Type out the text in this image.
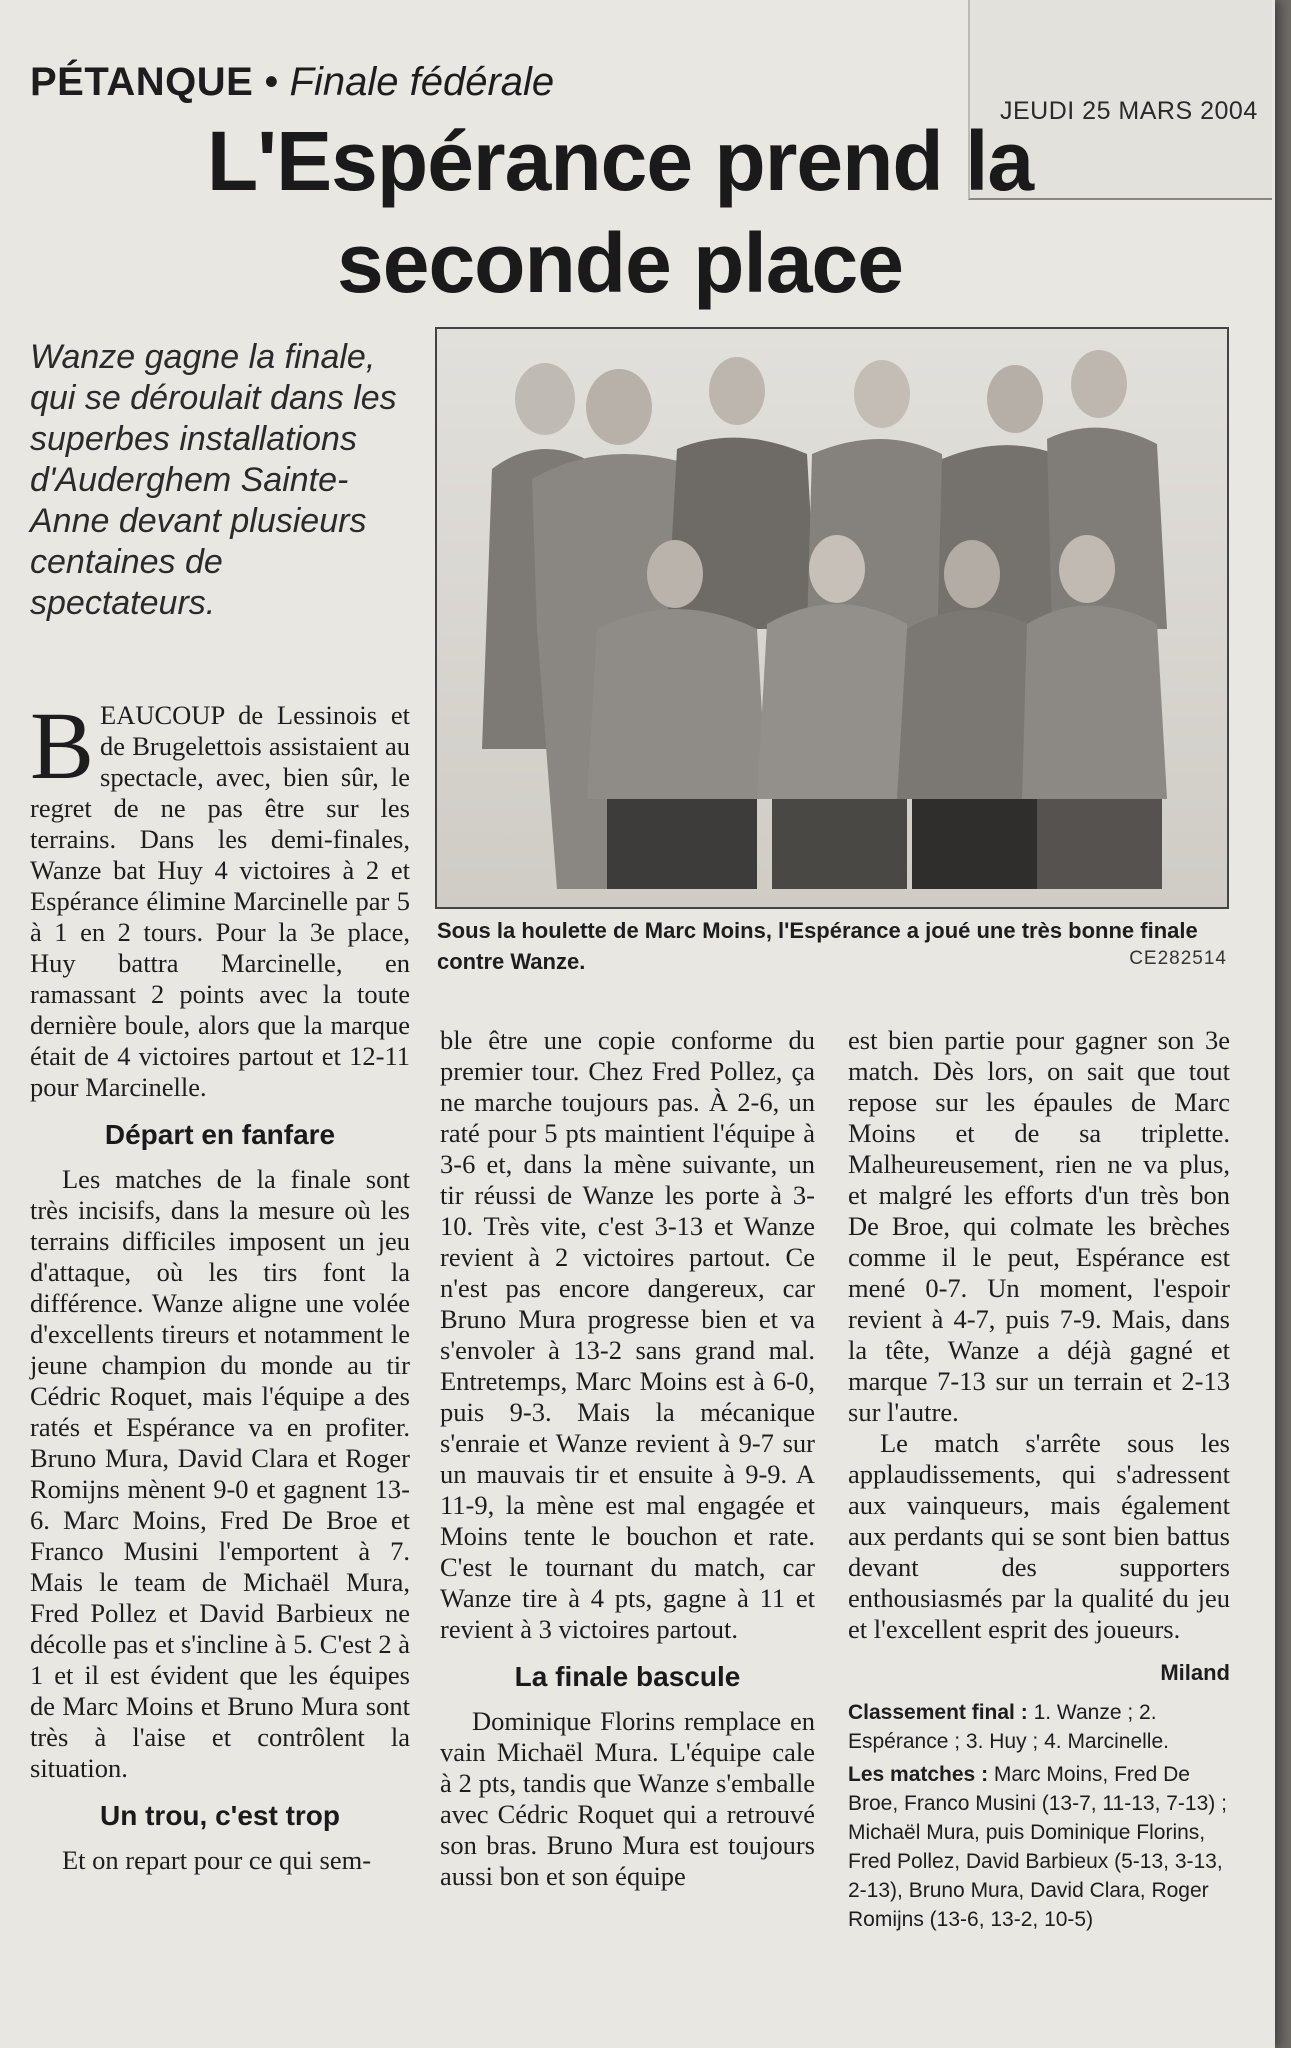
PÉTANQUE • Finale fédérale
JEUDI 25 MARS 2004
L'Espérance prend la seconde place
Wanze gagne la finale, qui se déroulait dans les superbes installations d'Auderghem Sainte-Anne devant plusieurs centaines de spectateurs.
Sous la houlette de Marc Moins, l'Espérance a joué une très bonne finale contre Wanze.	CE282514

BEAUCOUP de Lessinois et de Brugelettois assistaient au spectacle, avec, bien sûr, le regret de ne pas être sur les terrains. Dans les demi-finales, Wanze bat Huy 4 victoires à 2 et Espérance élimine Marcinelle par 5 à 1 en 2 tours. Pour la 3e place, Huy battra Marcinelle, en ramassant 2 points avec la toute dernière boule, alors que la marque était de 4 victoires partout et 12-11 pour Marcinelle.

Départ en fanfare

Les matches de la finale sont très incisifs, dans la mesure où les terrains difficiles imposent un jeu d'attaque, où les tirs font la différence. Wanze aligne une volée d'excellents tireurs et notamment le jeune champion du monde au tir Cédric Roquet, mais l'équipe a des ratés et Espérance va en profiter. Bruno Mura, David Clara et Roger Romijns mènent 9-0 et gagnent 13-6. Marc Moins, Fred De Broe et Franco Musini l'emportent à 7. Mais le team de Michaël Mura, Fred Pollez et David Barbieux ne décolle pas et s'incline à 5. C'est 2 à 1 et il est évident que les équipes de Marc Moins et Bruno Mura sont très à l'aise et contrôlent la situation.

Un trou, c'est trop

Et on repart pour ce qui sem-

ble être une copie conforme du premier tour. Chez Fred Pollez, ça ne marche toujours pas. À 2-6, un raté pour 5 pts maintient l'équipe à 3-6 et, dans la mène suivante, un tir réussi de Wanze les porte à 3-10. Très vite, c'est 3-13 et Wanze revient à 2 victoires partout. Ce n'est pas encore dangereux, car Bruno Mura progresse bien et va s'envoler à 13-2 sans grand mal. Entretemps, Marc Moins est à 6-0, puis 9-3. Mais la mécanique s'enraie et Wanze revient à 9-7 sur un mauvais tir et ensuite à 9-9. A 11-9, la mène est mal engagée et Moins tente le bouchon et rate. C'est le tournant du match, car Wanze tire à 4 pts, gagne à 11 et revient à 3 victoires partout.

La finale bascule

Dominique Florins remplace en vain Michaël Mura. L'équipe cale à 2 pts, tandis que Wanze s'emballe avec Cédric Roquet qui a retrouvé son bras. Bruno Mura est toujours aussi bon et son équipe

est bien partie pour gagner son 3e match. Dès lors, on sait que tout repose sur les épaules de Marc Moins et de sa triplette. Malheureusement, rien ne va plus, et malgré les efforts d'un très bon De Broe, qui colmate les brèches comme il le peut, Espérance est mené 0-7. Un moment, l'espoir revient à 4-7, puis 7-9. Mais, dans la tête, Wanze a déjà gagné et marque 7-13 sur un terrain et 2-13 sur l'autre.

Le match s'arrête sous les applaudissements, qui s'adressent aux vainqueurs, mais également aux perdants qui se sont bien battus devant des supporters enthousiasmés par la qualité du jeu et l'excellent esprit des joueurs.

Miland

Classement final : 1. Wanze ; 2. Espérance ; 3. Huy ; 4. Marcinelle.

Les matches : Marc Moins, Fred De Broe, Franco Musini (13-7, 11-13, 7-13) ; Michaël Mura, puis Dominique Florins, Fred Pollez, David Barbieux (5-13, 3-13, 2-13), Bruno Mura, David Clara, Roger Romijns (13-6, 13-2, 10-5)
